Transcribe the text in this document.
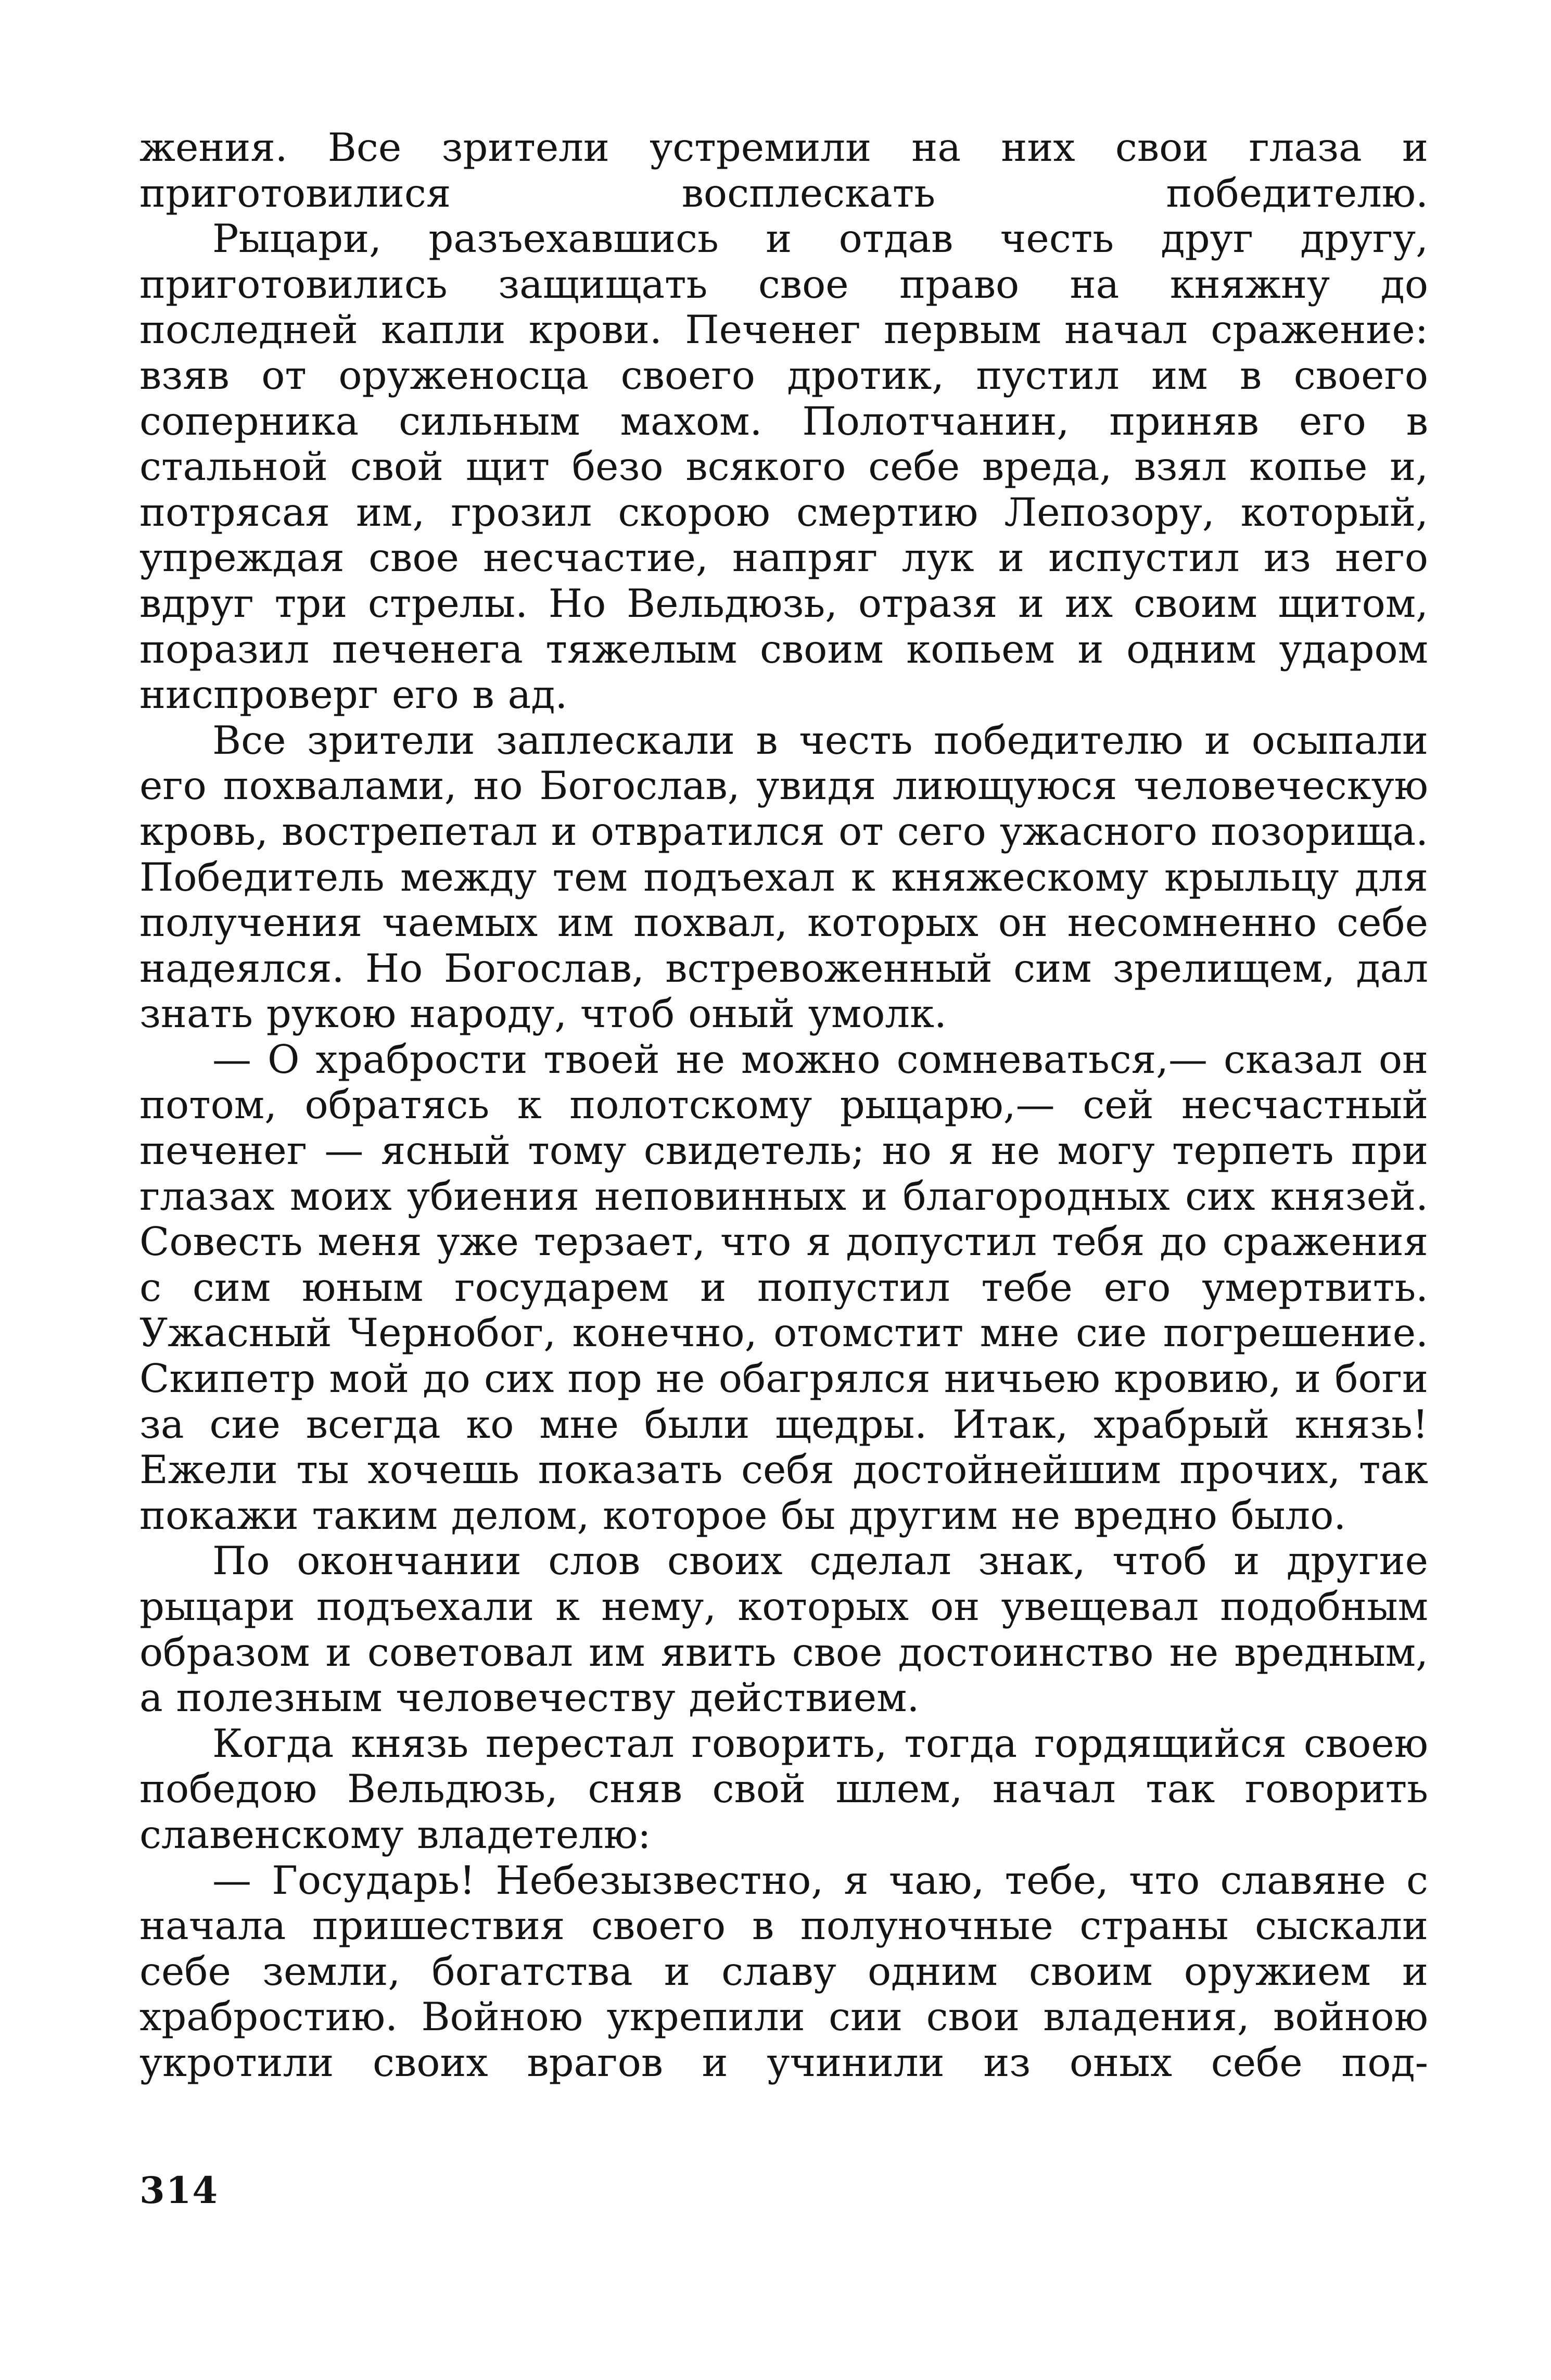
жения. Все зрители устремили на них свои глаза и приготовилися восплескать победителю.

Рыцари, разъехавшись и отдав честь друг другу, приготовились защищать свое право на княжну до последней капли крови. Печенег первым начал сражение: взяв от оруженосца своего дротик, пустил им в своего соперника сильным махом. Полотчанин, приняв его в стальной свой щит безо всякого себе вреда, взял копье и, потрясая им, грозил скорою смертию Лепозору, который, упреждая свое несчастие, напряг лук и испустил из него вдруг три стрелы. Но Вельдюзь, отразя и их своим щитом, поразил печенега тяжелым своим копьем и одним ударом ниспроверг его в ад.

Все зрители заплескали в честь победителю и осыпали его похвалами, но Богослав, увидя лиющуюся человеческую кровь, вострепетал и отвратился от сего ужасного позорища. Победитель между тем подъехал к княжескому крыльцу для получения чаемых им похвал, которых он несомненно себе надеялся. Но Богослав, встревоженный сим зрелищем, дал знать рукою народу, чтоб оный умолк.

— О храбрости твоей не можно сомневаться,— сказал он потом, обратясь к полотскому рыцарю,— сей несчастный печенег — ясный тому свидетель; но я не могу терпеть при глазах моих убиения неповинных и благородных сих князей. Совесть меня уже терзает, что я допустил тебя до сражения с сим юным государем и попустил тебе его умертвить. Ужасный Чернобог, конечно, отомстит мне сие погрешение. Скипетр мой до сих пор не обагрялся ничьею кровию, и боги за сие всегда ко мне были щедры. Итак, храбрый князь! Ежели ты хочешь показать себя достойнейшим прочих, так покажи таким делом, которое бы другим не вредно было.

По окончании слов своих сделал знак, чтоб и другие рыцари подъехали к нему, которых он увещевал подобным образом и советовал им явить свое достоинство не вредным, а полезным человечеству действием.

Когда князь перестал говорить, тогда гордящийся своею победою Вельдюзь, сняв свой шлем, начал так говорить славенскому владетелю:

— Государь! Небезызвестно, я чаю, тебе, что славяне с начала пришествия своего в полуночные страны сыскали себе земли, богатства и славу одним своим оружием и храбростию. Войною укрепили сии свои владения, войною укротили своих врагов и учинили из оных себе под-

314
